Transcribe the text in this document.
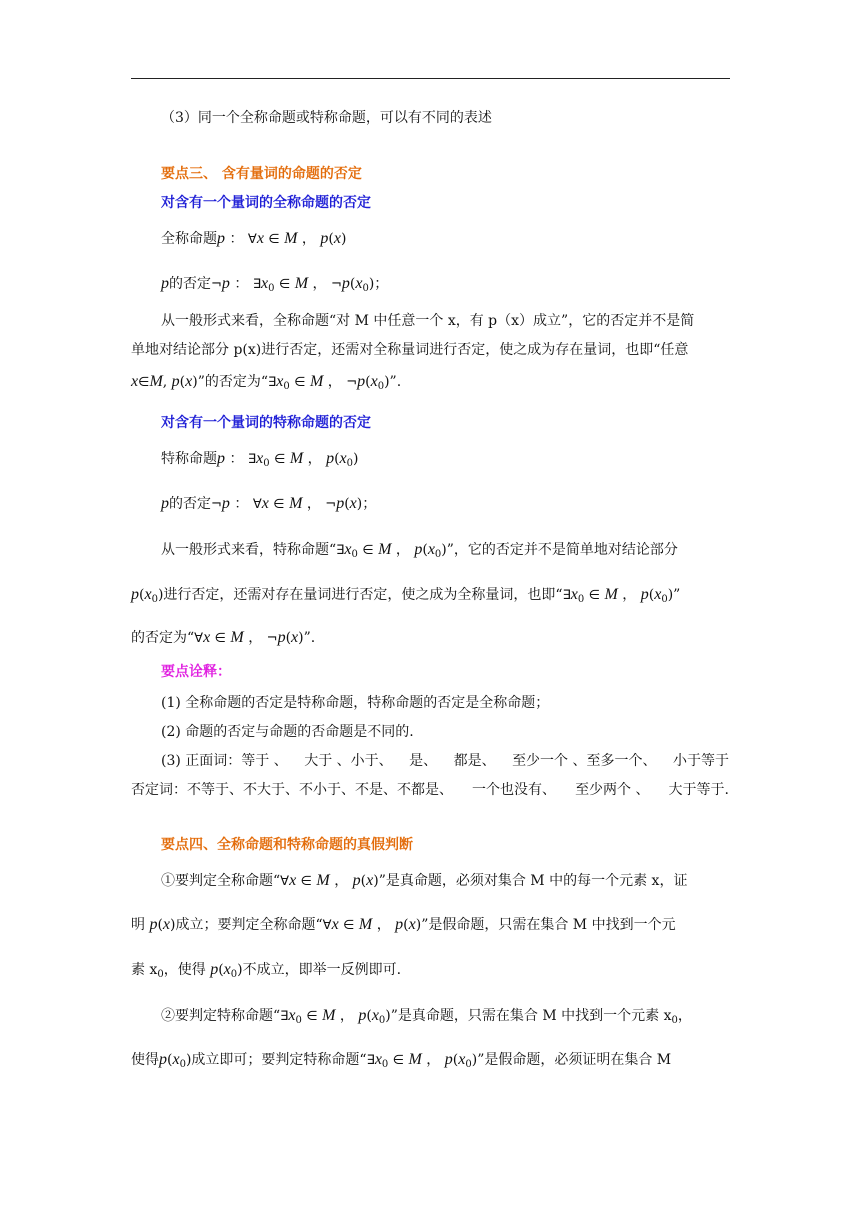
（3）同一个全称命题或特称命题，可以有不同的表述
要点三、 含有量词的命题的否定
对含有一个量词的全称命题的否定
全称命题p ： ∀x ∈ M ， p(x)
p的否定¬p ： $\exists x_0$ ∈ M ， $\neg p(x_0)$；
从一般形式来看，全称命题“对 M 中任意一个 x，有 p（x）成立”，它的否定并不是简
单地对结论部分 p(x)进行否定，还需对全称量词进行否定，使之成为存在量词，也即“任意
x∈M, p(x)”的否定为“$\exists x_0$ ∈ M ， $\neg p(x_0)$”.
对含有一个量词的特称命题的否定
特称命题p ： $\exists x_0$ ∈ M ， $p(x_0)$
p的否定¬p ： ∀x ∈ M ， ¬p(x)；
从一般形式来看，特称命题“$\exists x_0$ ∈ M ， $p(x_0)$”，它的否定并不是简单地对结论部分
$p(x_0)$进行否定，还需对存在量词进行否定，使之成为全称量词，也即“$\exists x_0$ ∈ M ， $p(x_0)$”
的否定为“∀x ∈ M ， ¬p(x)”.
要点诠释：
(1) 全称命题的否定是特称命题，特称命题的否定是全称命题；
(2) 命题的否定与命题的否命题是不同的.
(3) 正面词：等于 、 大于 、小于、 是、 都是、 至少一个 、至多一个、 小于等于
否定词：不等于、不大于、不小于、不是、不都是、 一个也没有、 至少两个 、 大于等于.
要点四、全称命题和特称命题的真假判断
①要判定全称命题“∀x ∈ M ， p(x)”是真命题，必须对集合 M 中的每一个元素 x，证
明 p(x)成立；要判定全称命题“∀x ∈ M ， p(x)”是假命题，只需在集合 M 中找到一个元
素 $x_0$，使得 $p(x_0)$不成立，即举一反例即可.
②要判定特称命题“$\exists x_0$ ∈ M ， $p(x_0)$”是真命题，只需在集合 M 中找到一个元素 $x_0$，
使得$p(x_0)$成立即可；要判定特称命题“$\exists x_0$ ∈ M ， $p(x_0)$”是假命题，必须证明在集合 M
